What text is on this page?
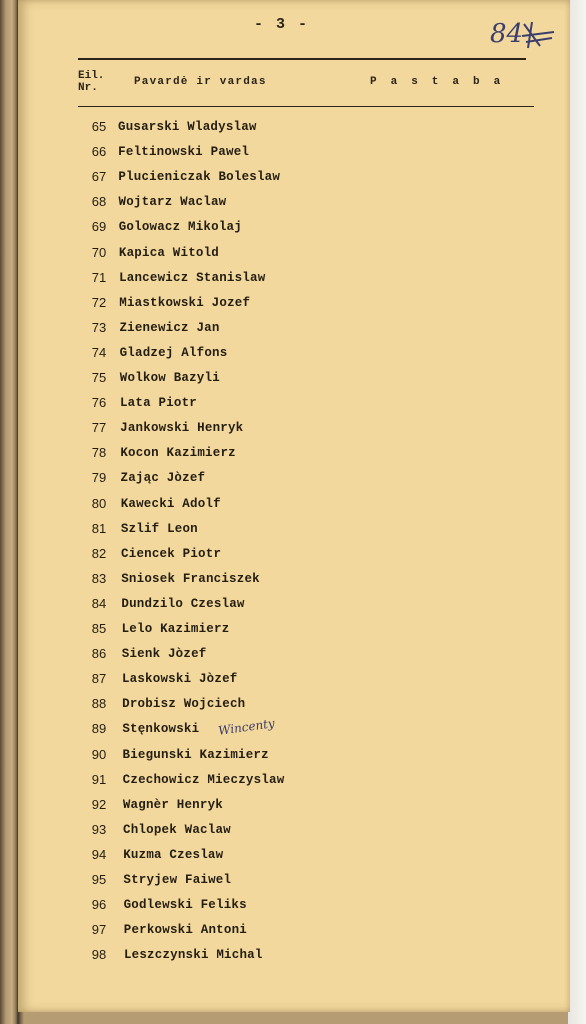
- 3 -	84
Eil. Nr.	Pavardė ir vardas	Pastaba
65 Gusarski Wladyslaw
66 Feltinowski Pawel
67 Plucieniczak Boleslaw
68 Wojtarz Waclaw
69 Golowacz Mikolaj
70	Kapica Witold
71	Lancewicz Stanislaw
72	Miastkowski Jozef
73	Zienewicz Jan
74	Gladzej Alfons
75	Wolkow Bazyli
76	Lata Piotr
77	Jankowski Henryk
78	Kocon Kazimierz
79	Zając Jòzef
80	Kawecki Adolf
81	Szlif Leon
82	Ciencek Piotr
83	Sniosek Franciszek
84	Dundzilo Czeslaw
85	Lelo Kazimierz
86	Sienk Jòzef
87	Laskowski Jòzef
88	Drobisz Wojciech
89	Stęnkowski Wincenty
90	Biegunski Kazimierz
91	Czechowicz Mieczyslaw
92	Wagnèr Henryk
93	Chlopek Waclaw
94	Kuzma Czeslaw
95	Stryjew Faiwel
96	Godlewski Feliks
97	Perkowski Antoni
98	Leszczynski Michal
